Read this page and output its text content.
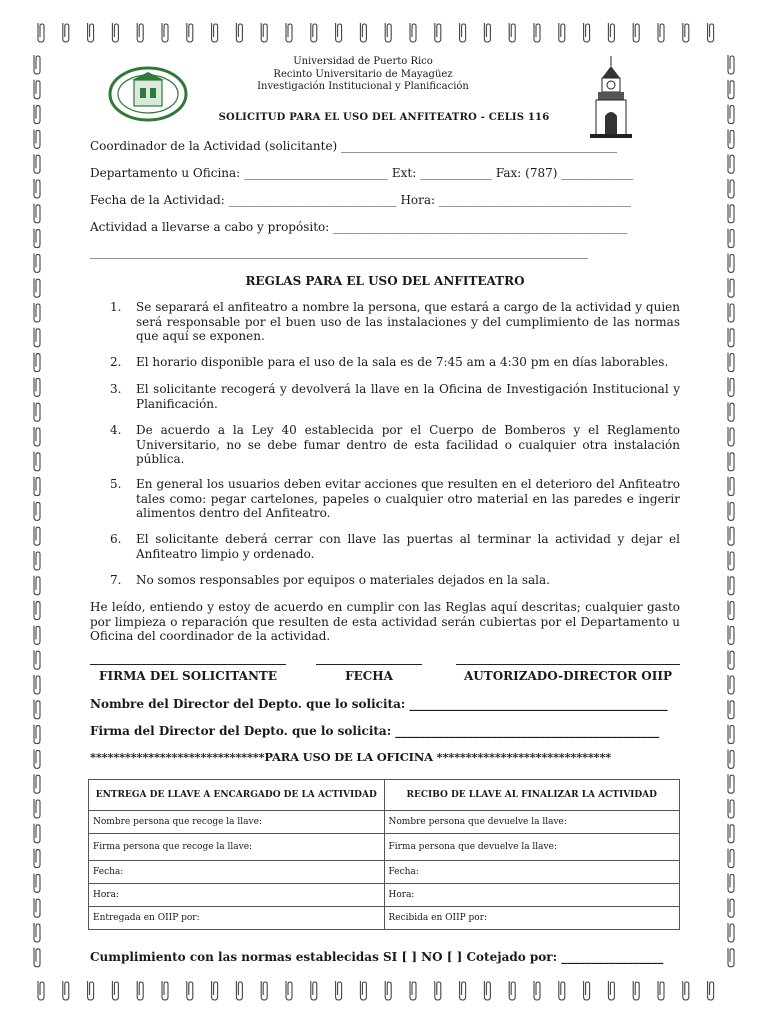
Universidad de Puerto Rico
Recinto Universitario de Mayagüez
Investigación Institucional y Planificación
SOLICITUD PARA EL USO DEL ANFITEATRO - CELIS 116
Coordinador de la Actividad (solicitante) ______________________________________________
Departamento u Oficina: ________________________ Ext: ____________ Fax: (787) ____________
Fecha de la Actividad: ____________________________ Hora: ________________________________
Actividad a llevarse a cabo y propósito: _________________________________________________
___________________________________________________________________________________
REGLAS PARA EL USO DEL ANFITEATRO
1.	Se separará el anfiteatro a nombre la persona, que estará a cargo de la actividad y quien será responsable por el buen uso de las instalaciones y del cumplimiento de las normas que aquí se exponen.
2.	El horario disponible para el uso de la sala es de 7:45 am a 4:30 pm en días laborables.
3.	El solicitante recogerá y devolverá la llave en la Oficina de Investigación Institucional y Planificación.
4.	De acuerdo a la Ley 40 establecida por el Cuerpo de Bomberos y el Reglamento Universitario, no se debe fumar dentro de esta facilidad o cualquier otra instalación pública.
5.	En general los usuarios deben evitar acciones que resulten en el deterioro del Anfiteatro tales como: pegar cartelones, papeles o cualquier otro material en las paredes e ingerir alimentos dentro del Anfiteatro.
6.	El solicitante deberá cerrar con llave las puertas al terminar la actividad y dejar el Anfiteatro limpio y ordenado.
7.	No somos responsables por equipos o materiales dejados en la sala.
He leído, entiendo y estoy de acuerdo en cumplir con las Reglas aquí descritas; cualquier gasto por limpieza o reparación que resulten de esta actividad serán cubiertas por el Departamento u Oficina del coordinador de la actividad.
FIRMA DEL SOLICITANTE	FECHA	AUTORIZADO-DIRECTOR OIIP
Nombre del Director del Depto. que lo solicita: ___________________________________________
Firma del Director del Depto. que lo solicita: ____________________________________________
******************************PARA USO DE LA OFICINA ******************************
ENTREGA DE LLAVE A ENCARGADO DE LA ACTIVIDAD	RECIBO DE LLAVE AL FINALIZAR LA ACTIVIDAD
Nombre persona que recoge la llave:	Nombre persona que devuelve la llave:
Firma persona que recoge la llave:	Firma persona que devuelve la llave:
Fecha:	Fecha:
Hora:	Hora:
Entregada en OIIP por:	Recibida en OIIP por:
Cumplimiento con las normas establecidas SI [ ] NO [ ] Cotejado por: _________________
